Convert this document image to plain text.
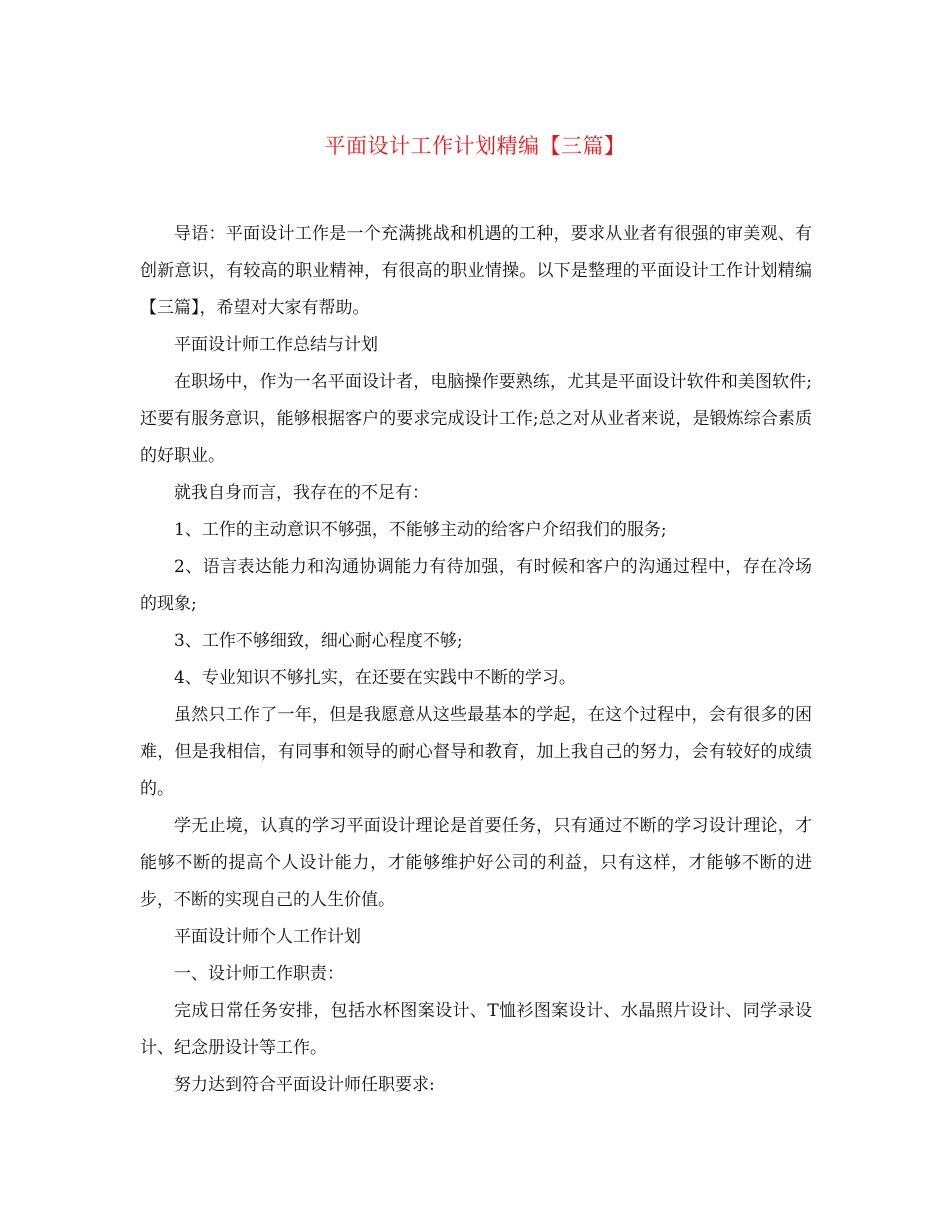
平面设计工作计划精编【三篇】

导语：平面设计工作是一个充满挑战和机遇的工种，要求从业者有很强的审美观、有创新意识，有较高的职业精神，有很高的职业情操。以下是整理的平面设计工作计划精编【三篇】，希望对大家有帮助。

平面设计师工作总结与计划

在职场中，作为一名平面设计者，电脑操作要熟练，尤其是平面设计软件和美图软件;还要有服务意识，能够根据客户的要求完成设计工作;总之对从业者来说，是锻炼综合素质的好职业。

就我自身而言，我存在的不足有：

1、工作的主动意识不够强，不能够主动的给客户介绍我们的服务;

2、语言表达能力和沟通协调能力有待加强，有时候和客户的沟通过程中，存在冷场的现象;

3、工作不够细致，细心耐心程度不够;

4、专业知识不够扎实，在还要在实践中不断的学习。

虽然只工作了一年，但是我愿意从这些最基本的学起，在这个过程中，会有很多的困难，但是我相信，有同事和领导的耐心督导和教育，加上我自己的努力，会有较好的成绩的。

学无止境，认真的学习平面设计理论是首要任务，只有通过不断的学习设计理论，才能够不断的提高个人设计能力，才能够维护好公司的利益，只有这样，才能够不断的进步，不断的实现自己的人生价值。

平面设计师个人工作计划

一、设计师工作职责：

完成日常任务安排，包括水杯图案设计、T恤衫图案设计、水晶照片设计、同学录设计、纪念册设计等工作。

努力达到符合平面设计师任职要求:
